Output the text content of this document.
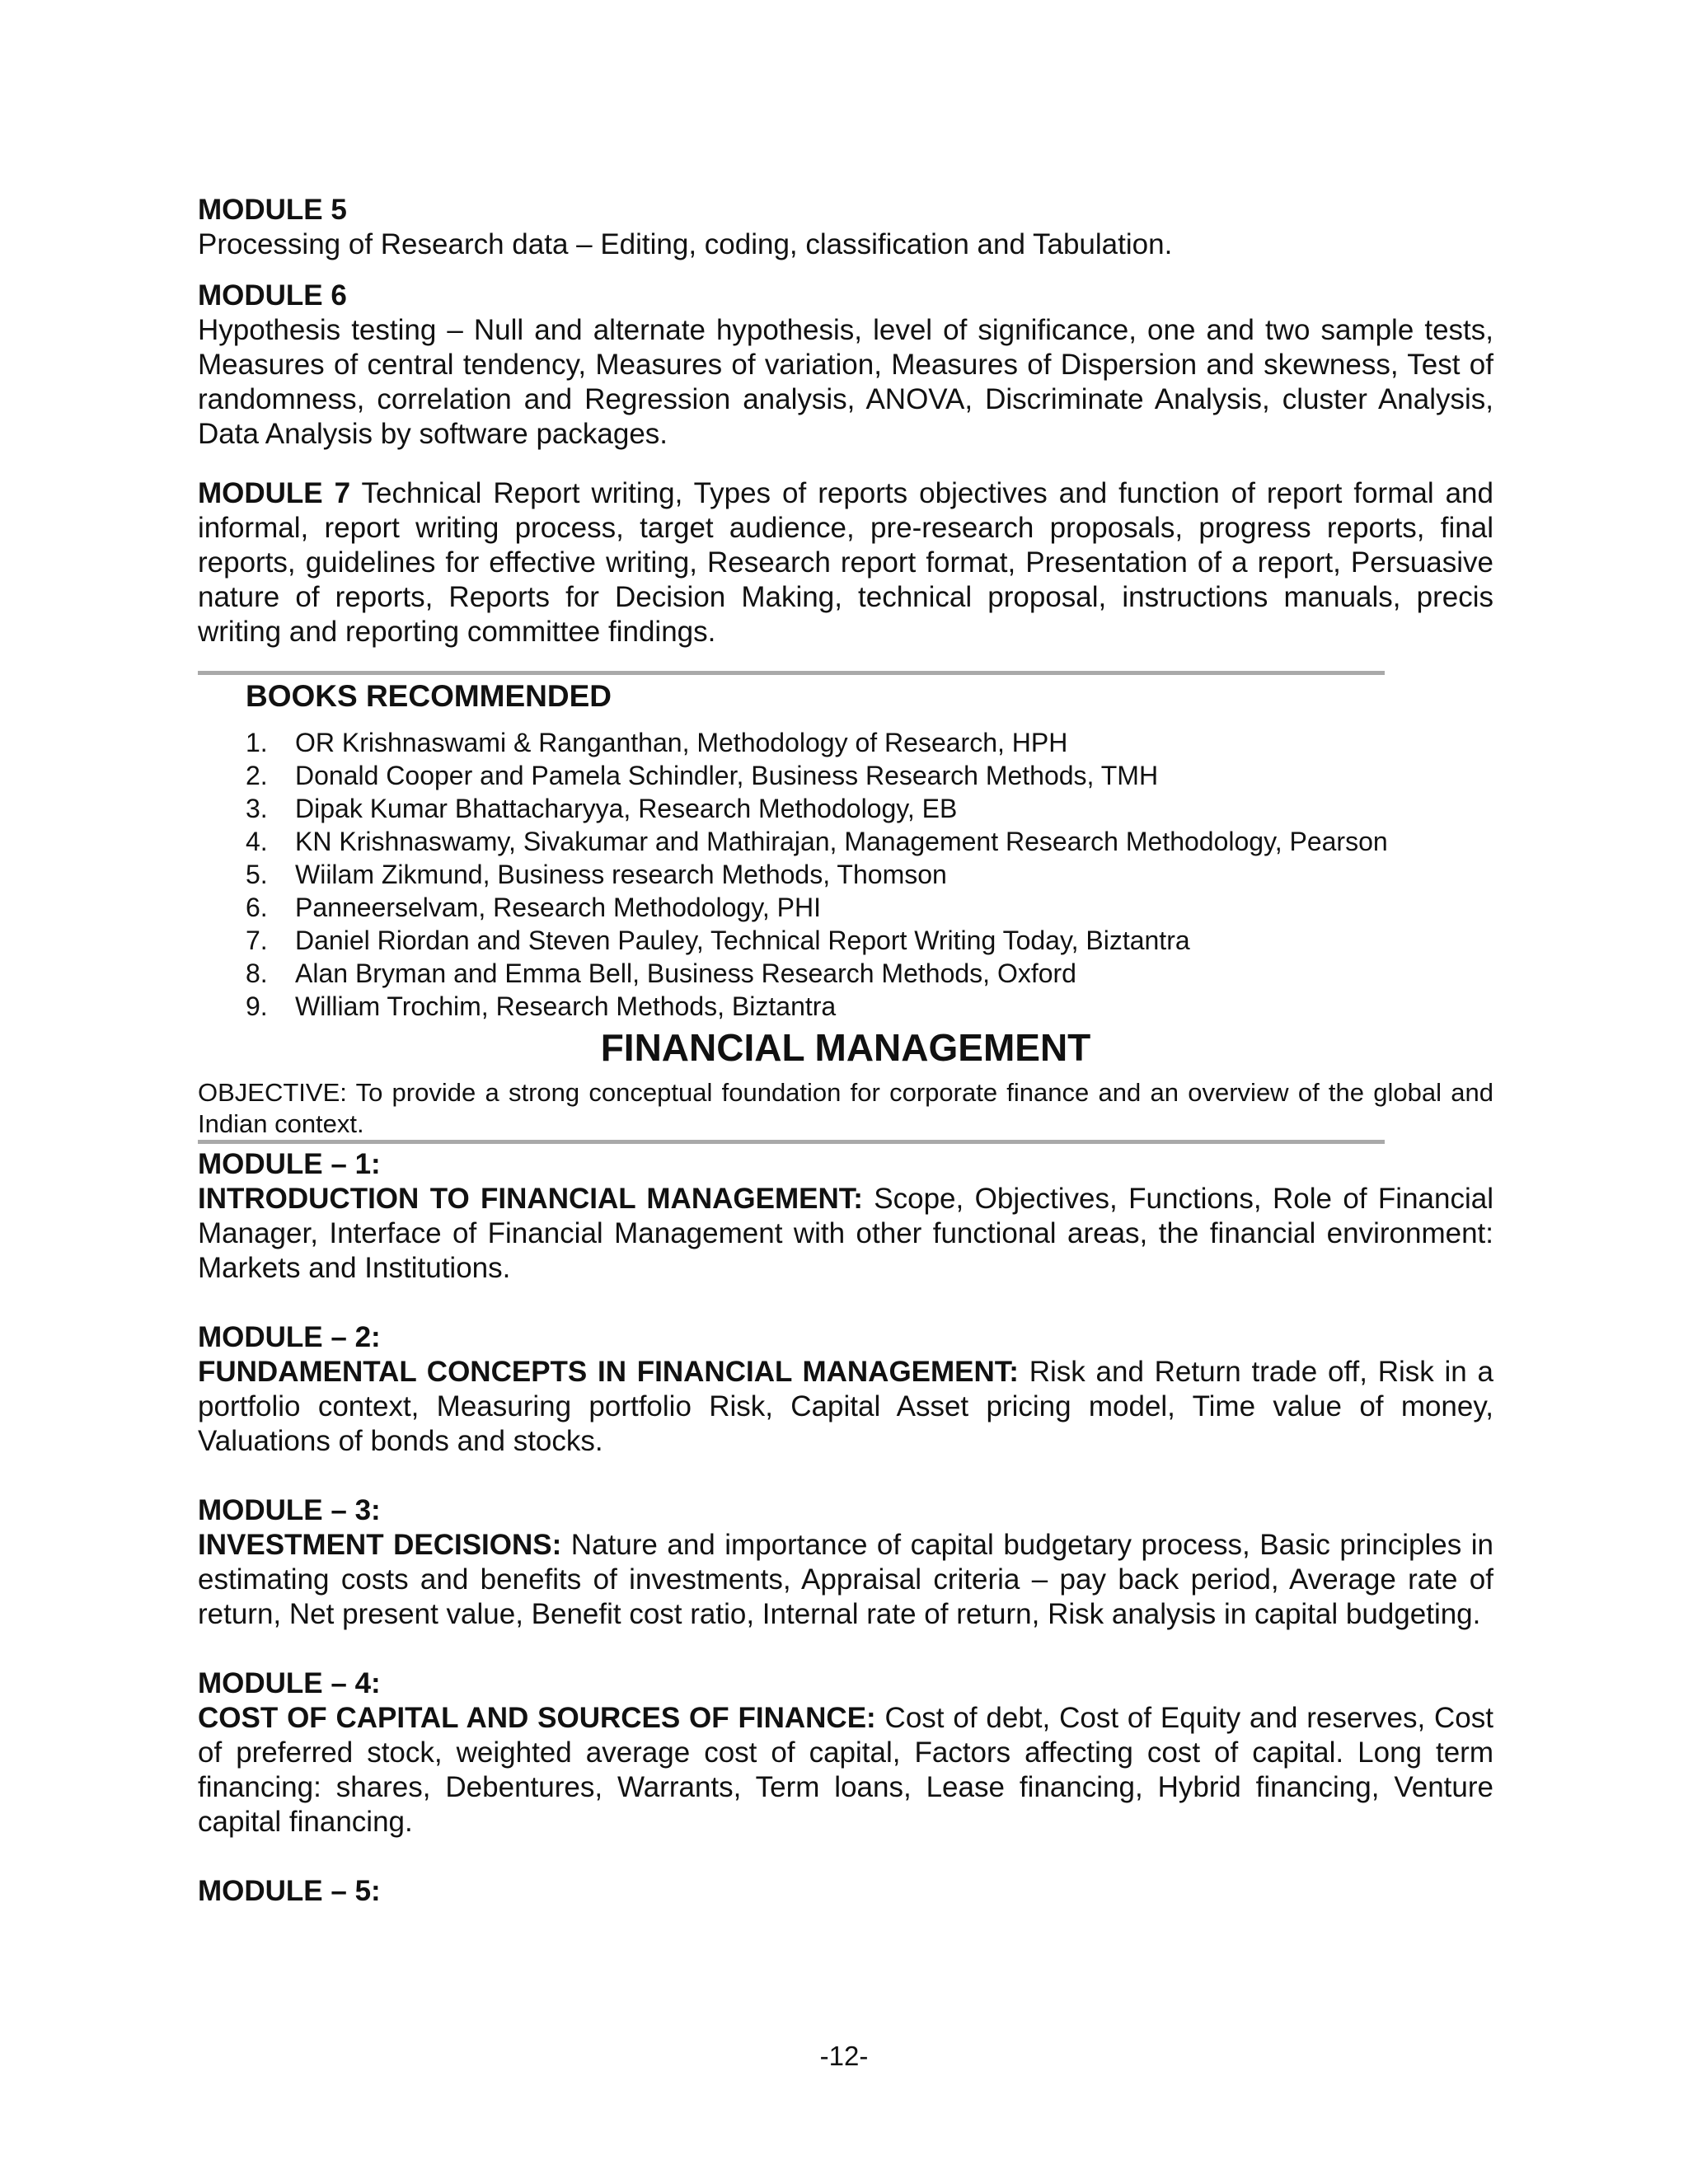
MODULE 5

Processing of Research data – Editing, coding, classification and Tabulation.

MODULE 6

Hypothesis testing – Null and alternate hypothesis, level of significance, one and two sample tests, Measures of central tendency, Measures of variation, Measures of Dispersion and skewness, Test of randomness, correlation and Regression analysis, ANOVA, Discriminate Analysis, cluster Analysis, Data Analysis by software packages.

MODULE 7 Technical Report writing, Types of reports objectives and function of report formal and informal, report writing process, target audience, pre-research proposals, progress reports, final reports, guidelines for effective writing, Research report format, Presentation of a report, Persuasive nature of reports, Reports for Decision Making, technical proposal, instructions manuals, precis writing and reporting committee findings.

BOOKS RECOMMENDED

1.	OR Krishnaswami & Ranganthan, Methodology of Research, HPH
2.	Donald Cooper and Pamela Schindler, Business Research Methods, TMH
3.	Dipak Kumar Bhattacharyya, Research Methodology, EB
4.	KN Krishnaswamy, Sivakumar and Mathirajan, Management Research Methodology, Pearson
5.	Wiilam Zikmund, Business research Methods, Thomson
6.	Panneerselvam, Research Methodology, PHI
7.	Daniel Riordan and Steven Pauley, Technical Report Writing Today, Biztantra
8.	Alan Bryman and Emma Bell, Business Research Methods, Oxford
9.	William Trochim, Research Methods, Biztantra

FINANCIAL MANAGEMENT

OBJECTIVE: To provide a strong conceptual foundation for corporate finance and an overview of the global and Indian context.

MODULE – 1:

INTRODUCTION TO FINANCIAL MANAGEMENT: Scope, Objectives, Functions, Role of Financial Manager, Interface of Financial Management with other functional areas, the financial environment: Markets and Institutions.

MODULE – 2:

FUNDAMENTAL CONCEPTS IN FINANCIAL MANAGEMENT: Risk and Return trade off, Risk in a portfolio context, Measuring portfolio Risk, Capital Asset pricing model, Time value of money, Valuations of bonds and stocks.

MODULE – 3:

INVESTMENT DECISIONS: Nature and importance of capital budgetary process, Basic principles in estimating costs and benefits of investments, Appraisal criteria – pay back period, Average rate of return, Net present value, Benefit cost ratio, Internal rate of return, Risk analysis in capital budgeting.

MODULE – 4:

COST OF CAPITAL AND SOURCES OF FINANCE: Cost of debt, Cost of Equity and reserves, Cost of preferred stock, weighted average cost of capital, Factors affecting cost of capital. Long term financing: shares, Debentures, Warrants, Term loans, Lease financing, Hybrid financing, Venture capital financing.

MODULE – 5:

-12-
